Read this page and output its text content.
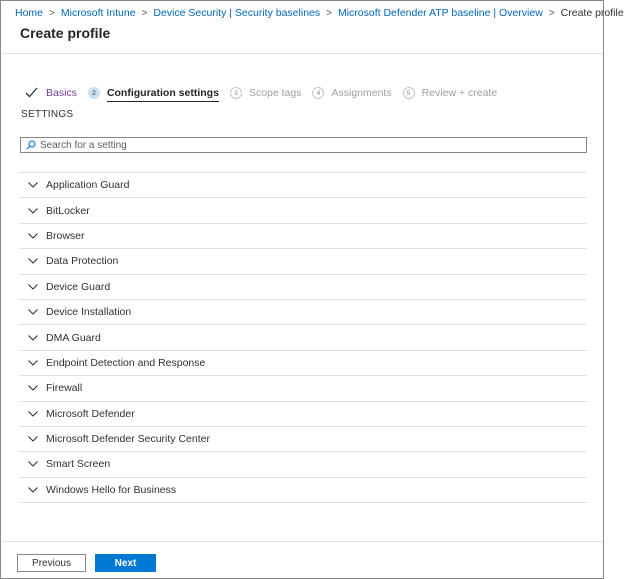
Home > Microsoft Intune > Device Security | Security baselines > Microsoft Defender ATP baseline | Overview > Create profile
Create profile
Basics	2	Configuration settings	3	Scope tags	4	Assignments	5	Review + create
SETTINGS
Search for a setting
Application Guard
BitLocker
Browser
Data Protection
Device Guard
Device Installation
DMA Guard
Endpoint Detection and Response
Firewall
Microsoft Defender
Microsoft Defender Security Center
Smart Screen
Windows Hello for Business
Previous	Next
